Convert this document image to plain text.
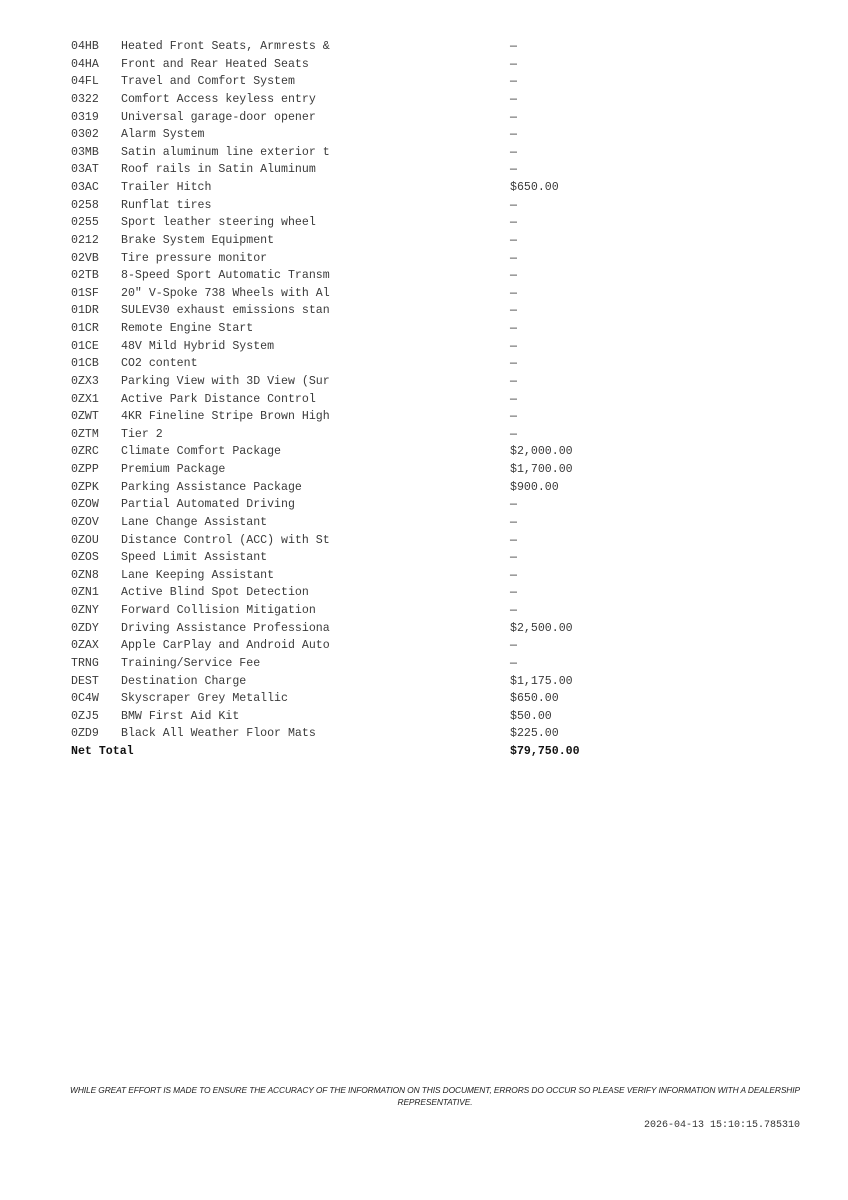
04HB	Heated Front Seats, Armrests &	—
04HA	Front and Rear Heated Seats	—
04FL	Travel and Comfort System	—
0322	Comfort Access keyless entry	—
0319	Universal garage-door opener	—
0302	Alarm System	—
03MB	Satin aluminum line exterior t	—
03AT	Roof rails in Satin Aluminum	—
03AC	Trailer Hitch	$650.00
0258	Runflat tires	—
0255	Sport leather steering wheel	—
0212	Brake System Equipment	—
02VB	Tire pressure monitor	—
02TB	8-Speed Sport Automatic Transm	—
01SF	20" V-Spoke 738 Wheels with Al	—
01DR	SULEV30 exhaust emissions stan	—
01CR	Remote Engine Start	—
01CE	48V Mild Hybrid System	—
01CB	CO2 content	—
0ZX3	Parking View with 3D View (Sur	—
0ZX1	Active Park Distance Control	—
0ZWT	4KR Fineline Stripe Brown High	—
0ZTM	Tier 2	—
0ZRC	Climate Comfort Package	$2,000.00
0ZPP	Premium Package	$1,700.00
0ZPK	Parking Assistance Package	$900.00
0ZOW	Partial Automated Driving	—
0ZOV	Lane Change Assistant	—
0ZOU	Distance Control (ACC) with St	—
0ZOS	Speed Limit Assistant	—
0ZN8	Lane Keeping Assistant	—
0ZN1	Active Blind Spot Detection	—
0ZNY	Forward Collision Mitigation	—
0ZDY	Driving Assistance Professiona	$2,500.00
0ZAX	Apple CarPlay and Android Auto	—
TRNG	Training/Service Fee	—
DEST	Destination Charge	$1,175.00
0C4W	Skyscraper Grey Metallic	$650.00
0ZJ5	BMW First Aid Kit	$50.00
0ZD9	Black All Weather Floor Mats	$225.00
Net Total	$79,750.00
WHILE GREAT EFFORT IS MADE TO ENSURE THE ACCURACY OF THE INFORMATION ON THIS DOCUMENT, ERRORS DO OCCUR SO PLEASE VERIFY INFORMATION WITH A DEALERSHIP REPRESENTATIVE.
2026-04-13 15:10:15.785310
